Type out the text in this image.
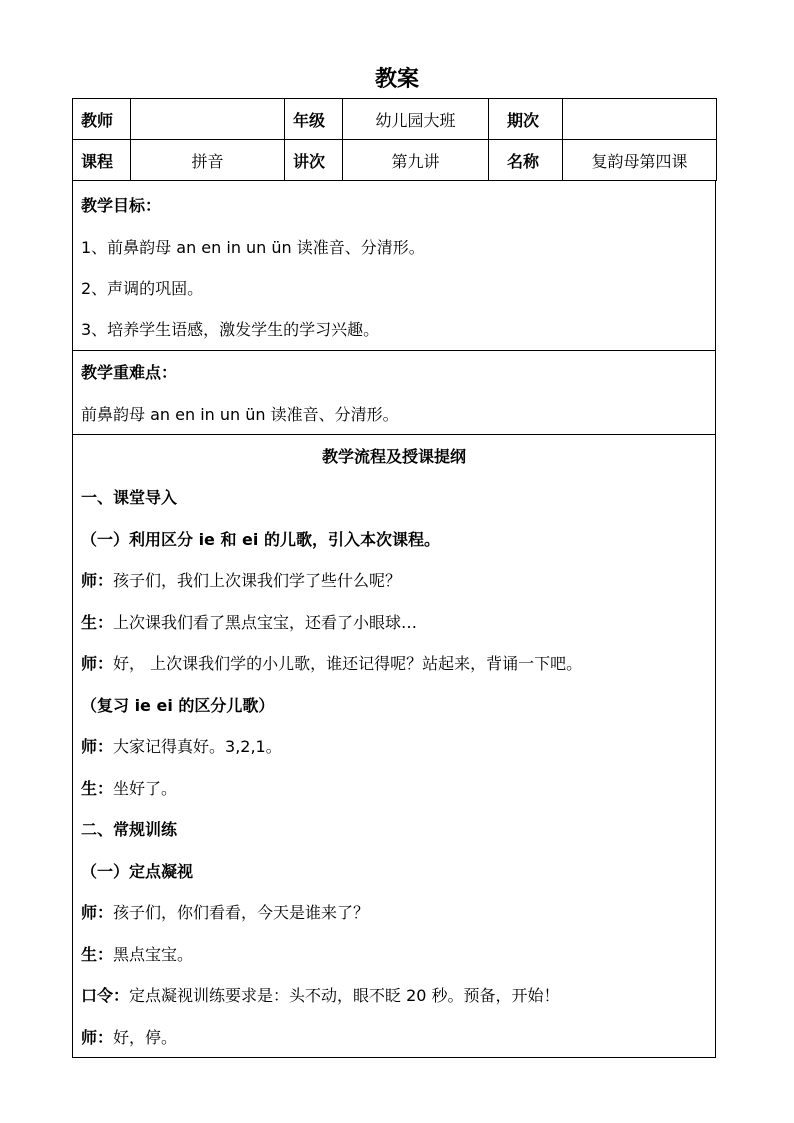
教案
教师		年级	幼儿园大班	期次	
课程	拼音	讲次	第九讲	名称	复韵母第四课
教学目标：
1、前鼻韵母 an en in un ün 读准音、分清形。
2、声调的巩固。
3、培养学生语感，激发学生的学习兴趣。
教学重难点：
前鼻韵母 an en in un ün 读准音、分清形。
教学流程及授课提纲
一、课堂导入
（一）利用区分 ie 和 ei 的儿歌，引入本次课程。
师：孩子们，我们上次课我们学了些什么呢？
生：上次课我们看了黑点宝宝，还看了小眼球…
师：好， 上次课我们学的小儿歌，谁还记得呢？站起来，背诵一下吧。
（复习 ie ei 的区分儿歌）
师：大家记得真好。3,2,1。
生：坐好了。
二、常规训练
（一）定点凝视
师：孩子们，你们看看，今天是谁来了？
生：黑点宝宝。
口令：定点凝视训练要求是：头不动，眼不眨 20 秒。预备，开始！
师：好，停。
